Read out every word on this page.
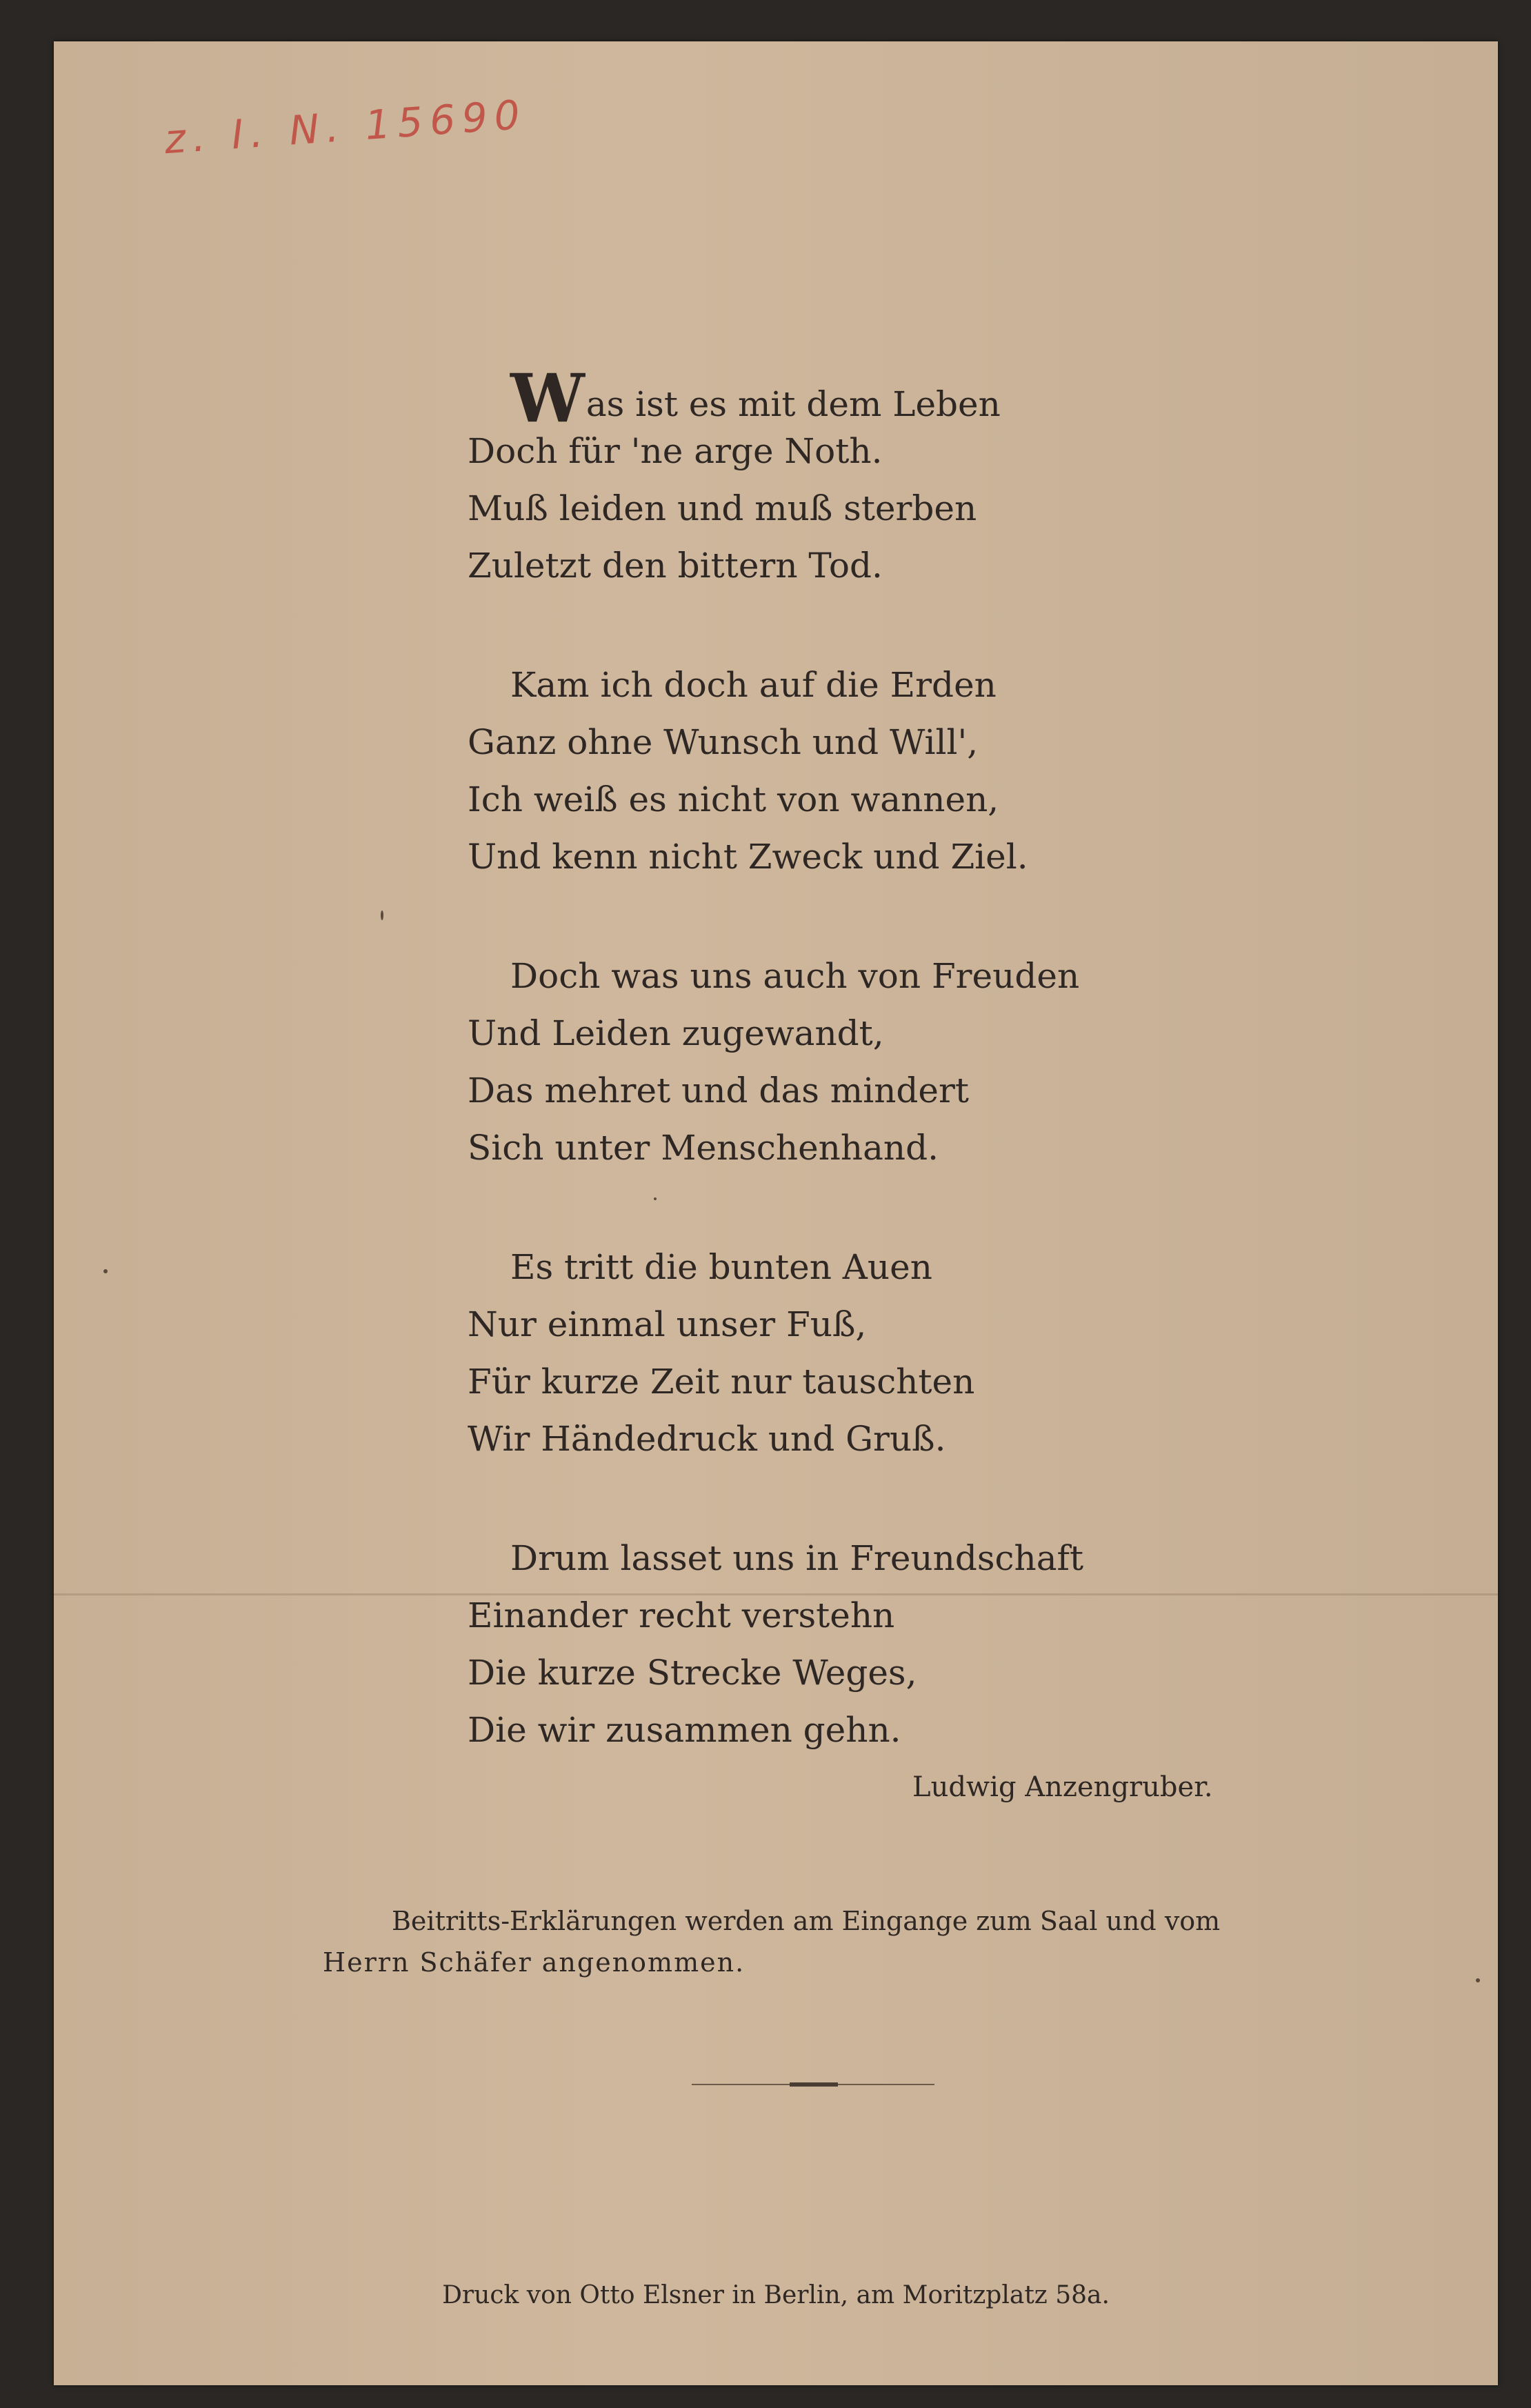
z. I. N. 15690
Was ist es mit dem Leben
Doch für 'ne arge Noth.
Muß leiden und muß sterben
Zuletzt den bittern Tod.
Kam ich doch auf die Erden
Ganz ohne Wunsch und Will',
Ich weiß es nicht von wannen,
Und kenn nicht Zweck und Ziel.
Doch was uns auch von Freuden
Und Leiden zugewandt,
Das mehret und das mindert
Sich unter Menschenhand.
Es tritt die bunten Auen
Nur einmal unser Fuß,
Für kurze Zeit nur tauschten
Wir Händedruck und Gruß.
Drum lasset uns in Freundschaft
Einander recht verstehn
Die kurze Strecke Weges,
Die wir zusammen gehn.
Ludwig Anzengruber.
Beitritts-Erklärungen werden am Eingange zum Saal und vom
Herrn Schäfer angenommen.
Druck von Otto Elsner in Berlin, am Moritzplatz 58a.
